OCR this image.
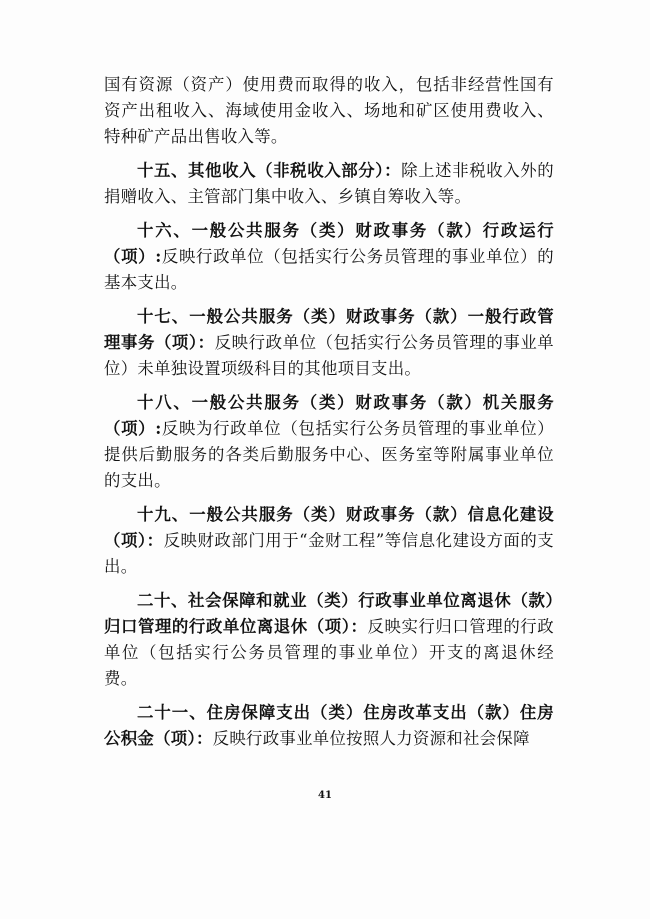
国有资源（资产）使用费而取得的收入，包括非经营性国有资产出租收入、海域使用金收入、场地和矿区使用费收入、特种矿产品出售收入等。

十五、其他收入（非税收入部分）：除上述非税收入外的捐赠收入、主管部门集中收入、乡镇自筹收入等。

十六、一般公共服务（类）财政事务（款）行政运行（项）:反映行政单位（包括实行公务员管理的事业单位）的基本支出。

十七、一般公共服务（类）财政事务（款）一般行政管理事务（项）：反映行政单位（包括实行公务员管理的事业单位）未单独设置项级科目的其他项目支出。

十八、一般公共服务（类）财政事务（款）机关服务（项）:反映为行政单位（包括实行公务员管理的事业单位）提供后勤服务的各类后勤服务中心、医务室等附属事业单位的支出。

十九、一般公共服务（类）财政事务（款）信息化建设（项）：反映财政部门用于“金财工程”等信息化建设方面的支出。

二十、社会保障和就业（类）行政事业单位离退休（款）归口管理的行政单位离退休（项）：反映实行归口管理的行政单位（包括实行公务员管理的事业单位）开支的离退休经费。

二十一、住房保障支出（类）住房改革支出（款）住房公积金（项）：反映行政事业单位按照人力资源和社会保障

41
